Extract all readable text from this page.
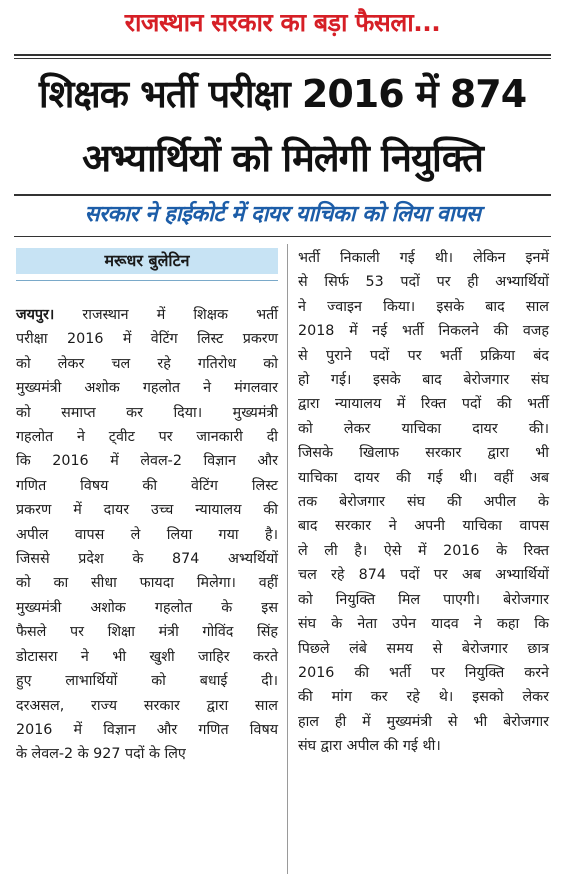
राजस्थान सरकार का बड़ा फैसला...
शिक्षक भर्ती परीक्षा 2016 में 874
अभ्यार्थियों को मिलेगी नियुक्ति
सरकार ने हाईकोर्ट में दायर याचिका को लिया वापस
मरूधर बुलेटिन
जयपुर। राजस्थान में शिक्षक भर्ती
परीक्षा 2016 में वेटिंग लिस्ट प्रकरण
को लेकर चल रहे गतिरोध को
मुख्यमंत्री अशोक गहलोत ने मंगलवार
को समाप्त कर दिया। मुख्यमंत्री
गहलोत ने ट्वीट पर जानकारी दी
कि 2016 में लेवल-2 विज्ञान और
गणित विषय की वेटिंग लिस्ट
प्रकरण में दायर उच्च न्यायालय की
अपील वापस ले लिया गया है।
जिससे प्रदेश के 874 अभ्यर्थियों
को का सीधा फायदा मिलेगा। वहीं
मुख्यमंत्री अशोक गहलोत के इस
फैसले पर शिक्षा मंत्री गोविंद सिंह
डोटासरा ने भी खुशी जाहिर करते
हुए लाभार्थियों को बधाई दी।
दरअसल, राज्य सरकार द्वारा साल
2016 में विज्ञान और गणित विषय
के लेवल-2 के 927 पदों के लिए
भर्ती निकाली गई थी। लेकिन इनमें
से सिर्फ 53 पदों पर ही अभ्यार्थियों
ने ज्वाइन किया। इसके बाद साल
2018 में नई भर्ती निकलने की वजह
से पुराने पदों पर भर्ती प्रक्रिया बंद
हो गई। इसके बाद बेरोजगार संघ
द्वारा न्यायालय में रिक्त पदों की भर्ती
को लेकर याचिका दायर की।
जिसके खिलाफ सरकार द्वारा भी
याचिका दायर की गई थी। वहीं अब
तक बेरोजगार संघ की अपील के
बाद सरकार ने अपनी याचिका वापस
ले ली है। ऐसे में 2016 के रिक्त
चल रहे 874 पदों पर अब अभ्यार्थियों
को नियुक्ति मिल पाएगी। बेरोजगार
संघ के नेता उपेन यादव ने कहा कि
पिछले लंबे समय से बेरोजगार छात्र
2016 की भर्ती पर नियुक्ति करने
की मांग कर रहे थे। इसको लेकर
हाल ही में मुख्यमंत्री से भी बेरोजगार
संघ द्वारा अपील की गई थी।
